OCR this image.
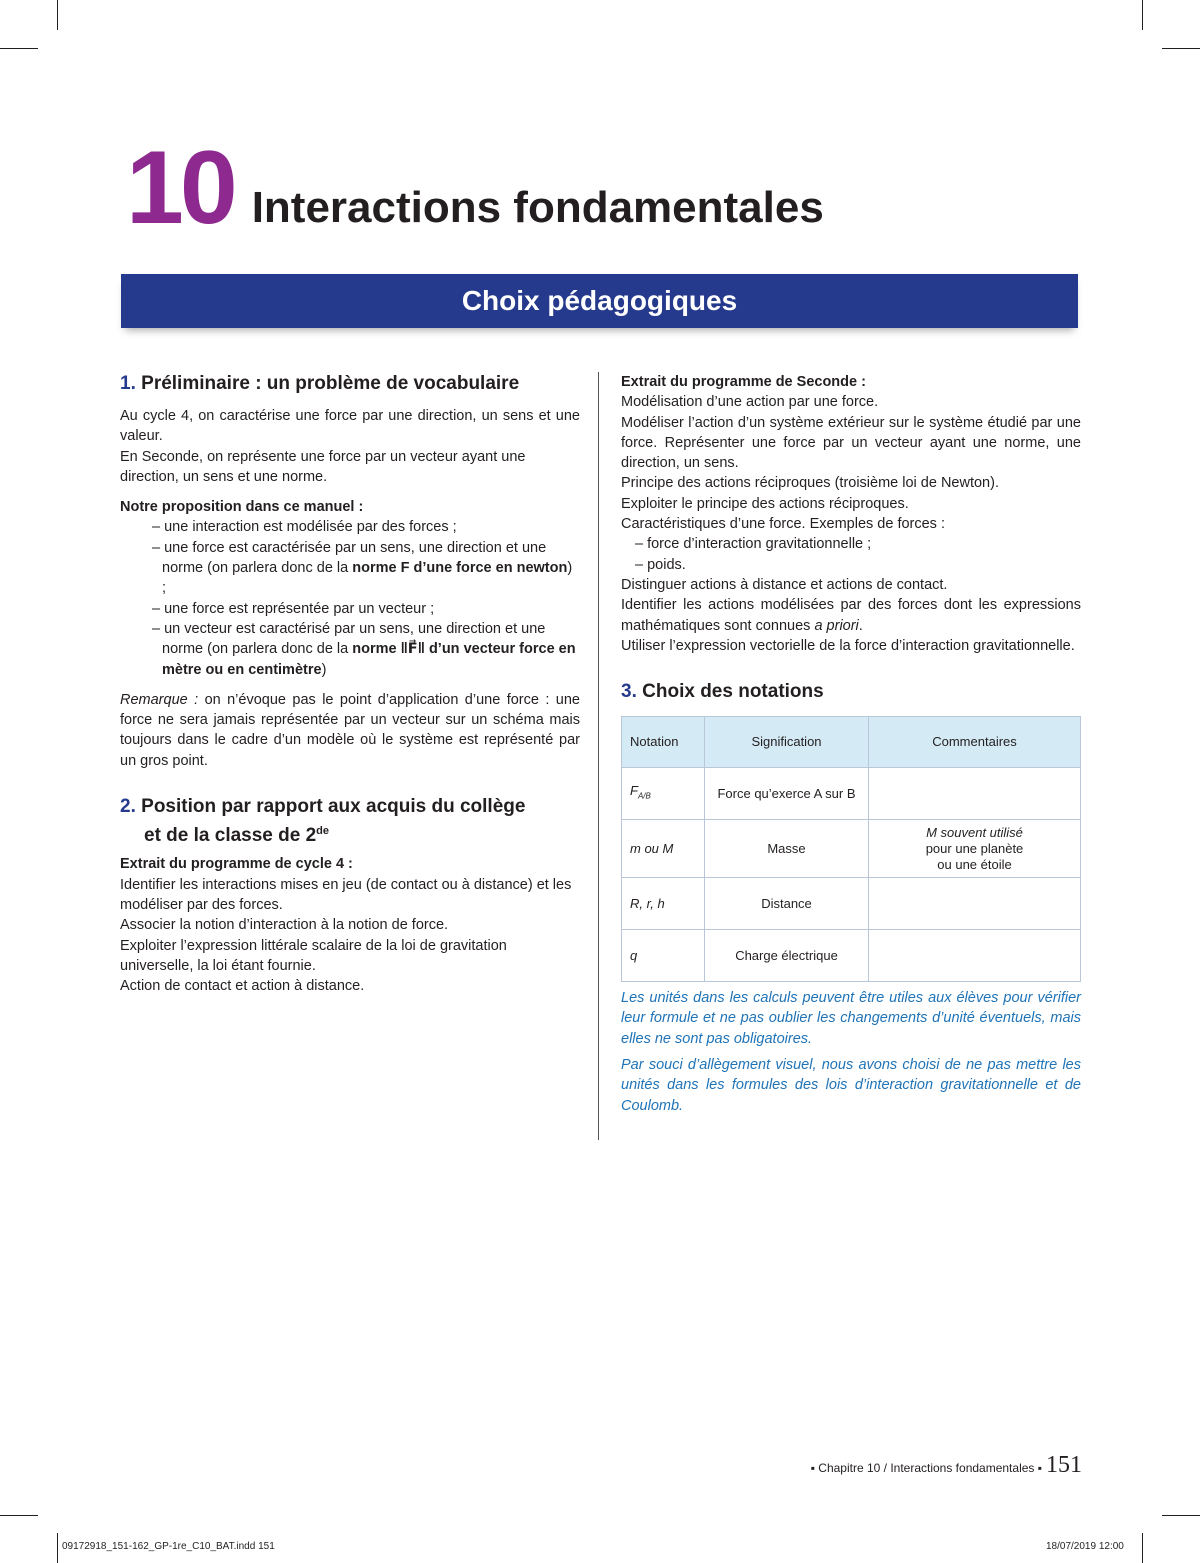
10 Interactions fondamentales
Choix pédagogiques
1. Préliminaire : un problème de vocabulaire

Au cycle 4, on caractérise une force par une direction, un sens et une valeur.

En Seconde, on représente une force par un vecteur ayant une direction, un sens et une norme.

Notre proposition dans ce manuel :

– une interaction est modélisée par des forces ;
– une force est caractérisée par un sens, une direction et une norme (on parlera donc de la norme F d’une force en newton) ;
– une force est représentée par un vecteur ;
– un vecteur est caractérisé par un sens, une direction et une norme (on parlera donc de la norme ‖F⃗‖ d’un vecteur force en mètre ou en centimètre)

Remarque : on n’évoque pas le point d’application d’une force : une force ne sera jamais représentée par un vecteur sur un schéma mais toujours dans le cadre d’un modèle où le système est représenté par un gros point.

2. Position par rapport aux acquis du collège
et de la classe de 2de

Extrait du programme de cycle 4 :

Identifier les interactions mises en jeu (de contact ou à distance) et les modéliser par des forces.

Associer la notion d’interaction à la notion de force.

Exploiter l’expression littérale scalaire de la loi de gravitation universelle, la loi étant fournie.

Action de contact et action à distance.

Extrait du programme de Seconde :

Modélisation d’une action par une force.

Modéliser l’action d’un système extérieur sur le système étudié par une force. Représenter une force par un vecteur ayant une norme, une direction, un sens.

Principe des actions réciproques (troisième loi de Newton).

Exploiter le principe des actions réciproques.

Caractéristiques d’une force. Exemples de forces :

– force d’interaction gravitationnelle ;
– poids.

Distinguer actions à distance et actions de contact.

Identifier les actions modélisées par des forces dont les expressions mathématiques sont connues a priori.

Utiliser l’expression vectorielle de la force d’interaction gravitationnelle.

3. Choix des notations
Notation	Signification	Commentaires
$F_{A/B}$	Force qu’exerce A sur B	
m ou M	Masse	M souvent utilisé
pour une planète
ou une étoile
R, r, h	Distance	
q	Charge électrique	

Les unités dans les calculs peuvent être utiles aux élèves pour vérifier leur formule et ne pas oublier les changements d’unité éventuels, mais elles ne sont pas obligatoires.

Par souci d’allègement visuel, nous avons choisi de ne pas mettre les unités dans les formules des lois d’interaction gravitationnelle et de Coulomb.

▪ Chapitre 10 / Interactions fondamentales ▪ 151
09172918_151-162_GP-1re_C10_BAT.indd 151	18/07/2019 12:00
